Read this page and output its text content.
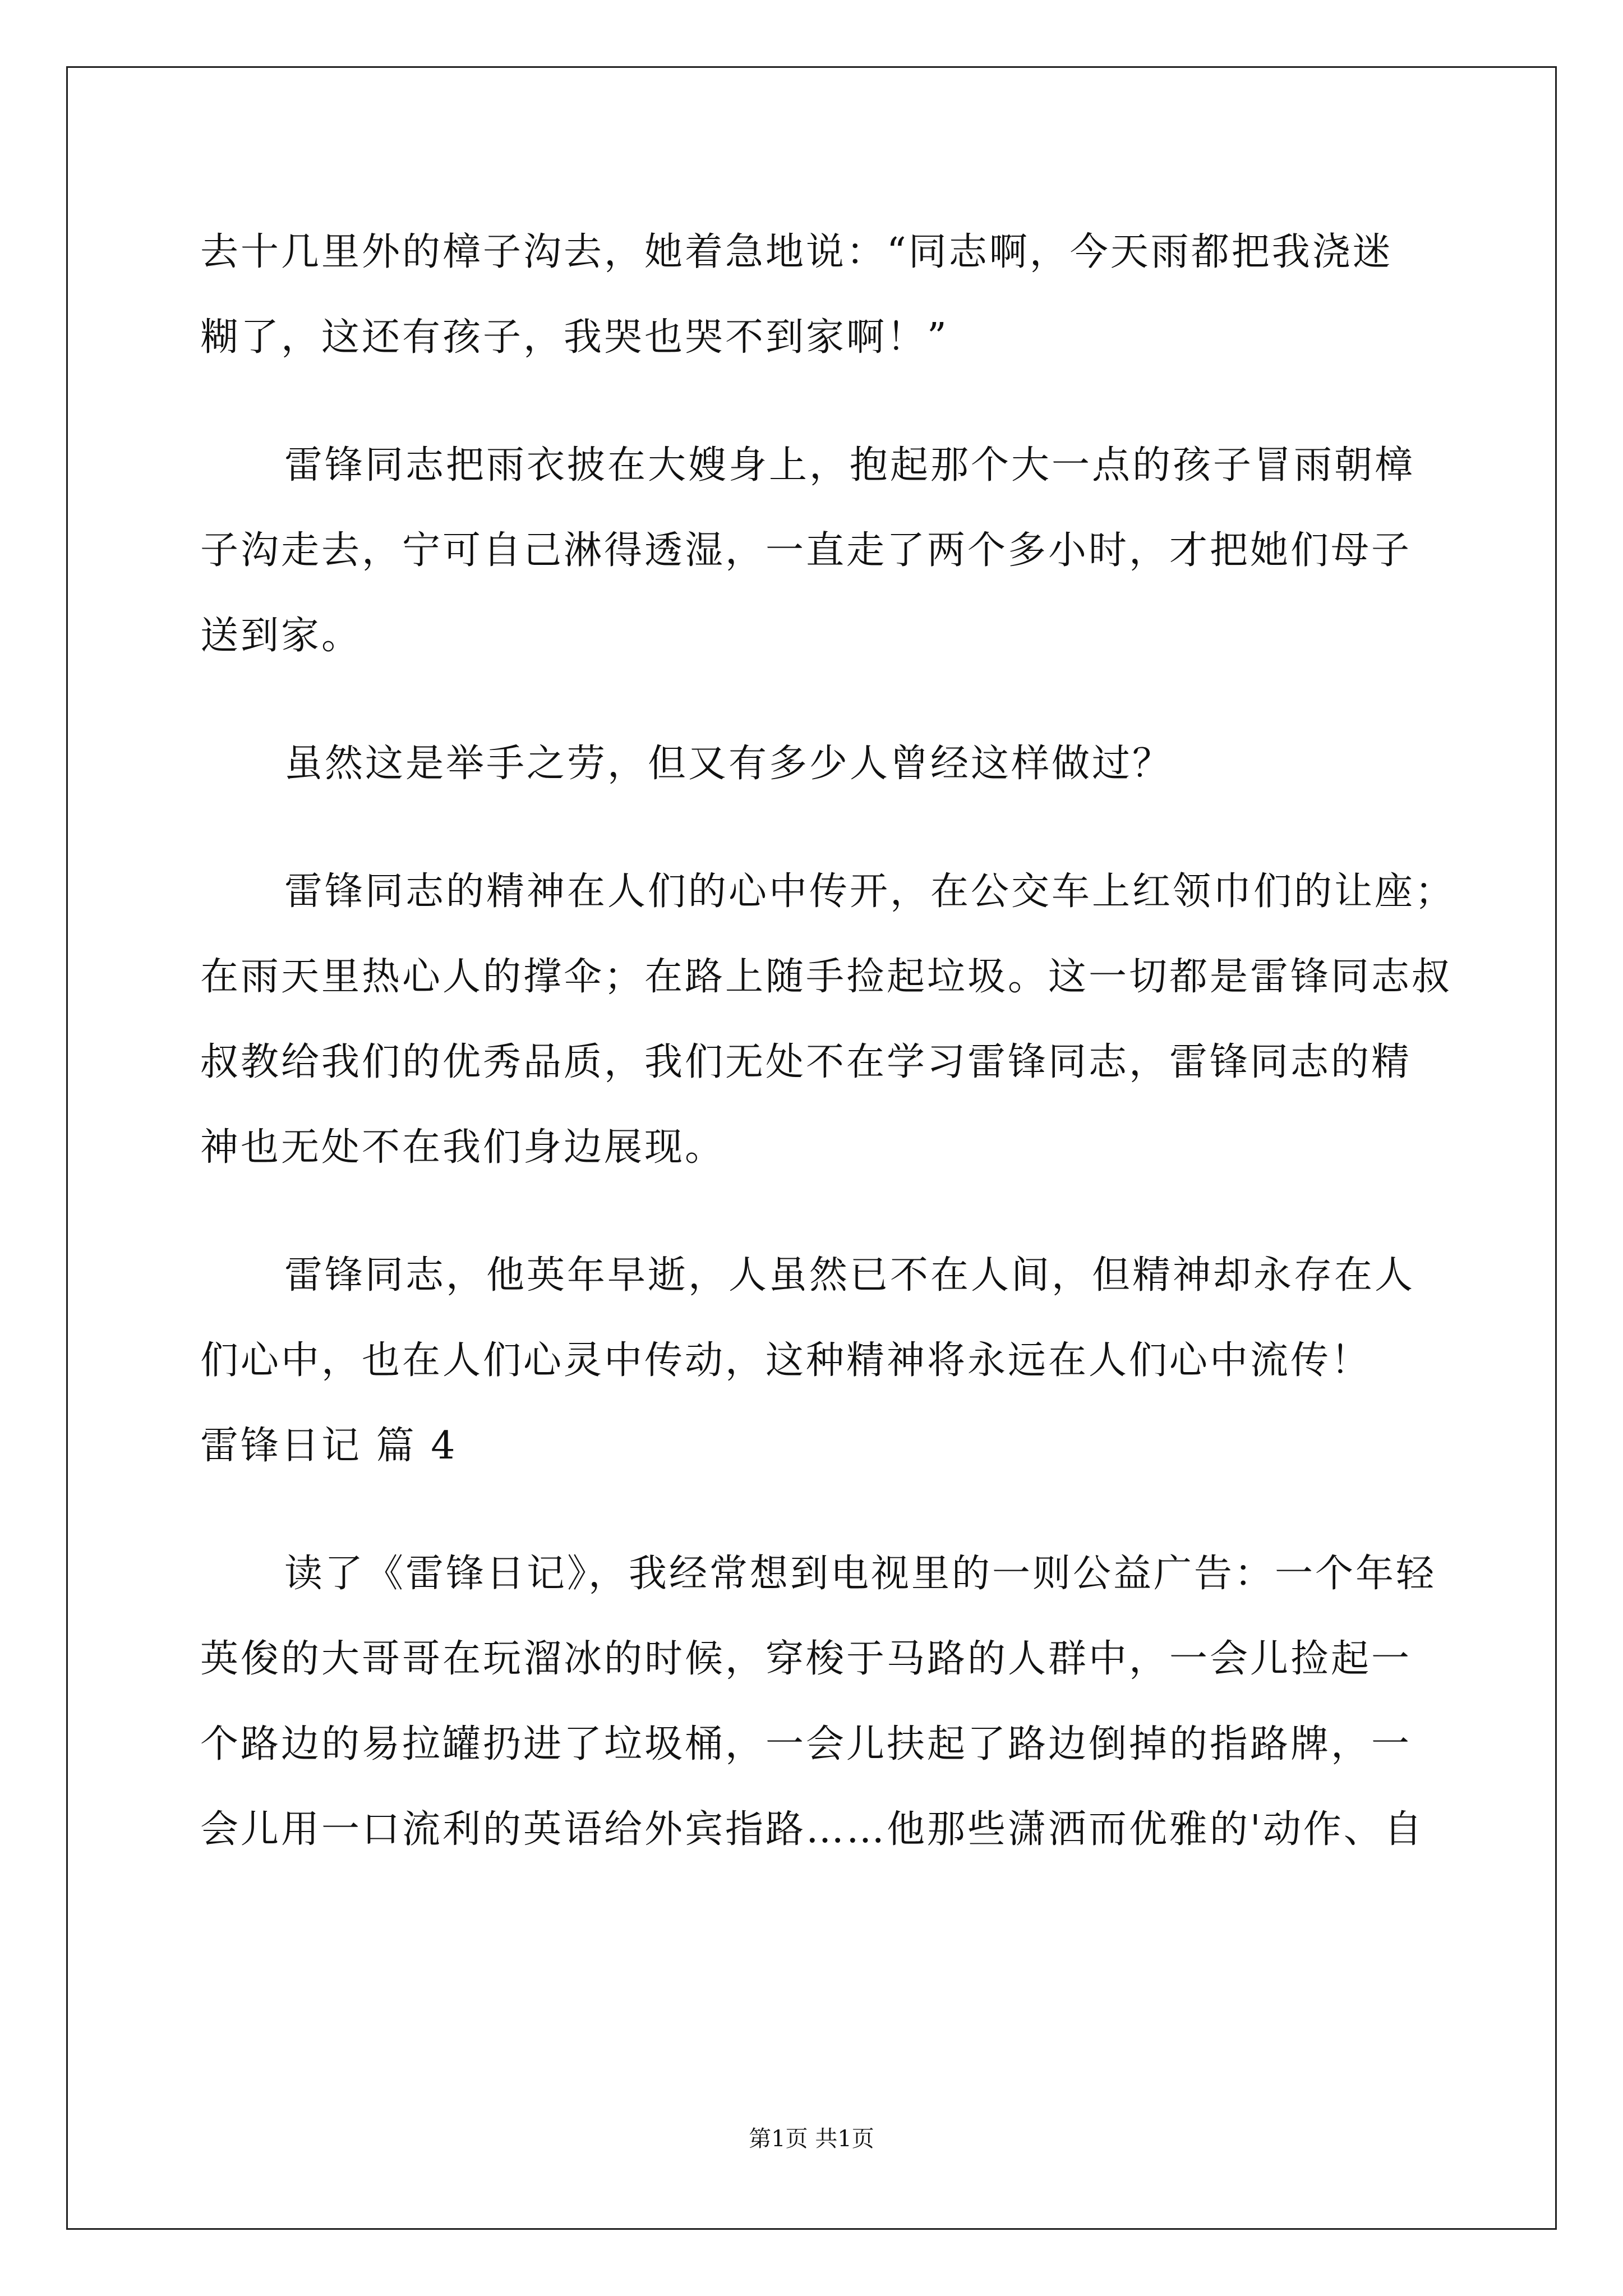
去十几里外的樟子沟去，她着急地说：“同志啊，今天雨都把我浇迷
糊了，这还有孩子，我哭也哭不到家啊！”
雷锋同志把雨衣披在大嫂身上，抱起那个大一点的孩子冒雨朝樟
子沟走去，宁可自己淋得透湿，一直走了两个多小时，才把她们母子
送到家。
虽然这是举手之劳，但又有多少人曾经这样做过？
雷锋同志的精神在人们的心中传开，在公交车上红领巾们的让座；
在雨天里热心人的撑伞；在路上随手捡起垃圾。这一切都是雷锋同志叔
叔教给我们的优秀品质，我们无处不在学习雷锋同志，雷锋同志的精
神也无处不在我们身边展现。
雷锋同志，他英年早逝，人虽然已不在人间，但精神却永存在人
们心中，也在人们心灵中传动，这种精神将永远在人们心中流传！
雷锋日记 篇 4
读了《雷锋日记》，我经常想到电视里的一则公益广告：一个年轻
英俊的大哥哥在玩溜冰的时候，穿梭于马路的人群中，一会儿捡起一
个路边的易拉罐扔进了垃圾桶，一会儿扶起了路边倒掉的指路牌，一
会儿用一口流利的英语给外宾指路……他那些潇洒而优雅的'动作、自
第1页 共1页
